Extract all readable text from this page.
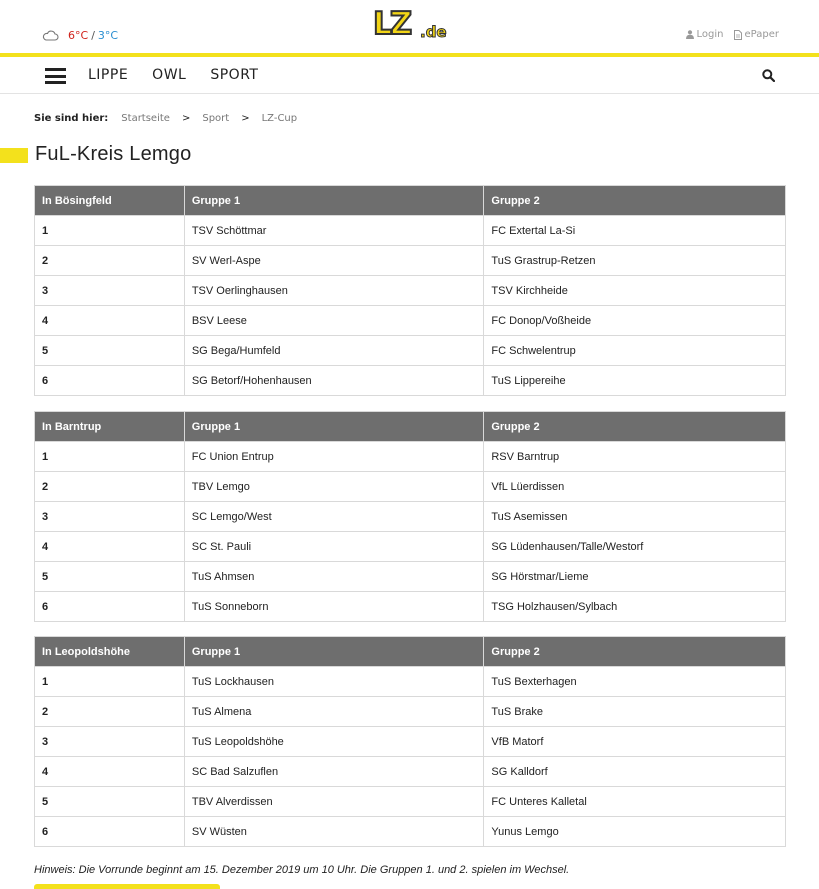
6°C / 3°C	LZ .de	Login ePaper
LIPPE OWL SPORT
Sie sind hier: Startseite > Sport > LZ-Cup
FuL-Kreis Lemgo
In Bösingfeld	Gruppe 1	Gruppe 2
1	TSV Schöttmar	FC Extertal La-Si
2	SV Werl-Aspe	TuS Grastrup-Retzen
3	TSV Oerlinghausen	TSV Kirchheide
4	BSV Leese	FC Donop/Voßheide
5	SG Bega/Humfeld	FC Schwelentrup
6	SG Betorf/Hohenhausen	TuS Lippereihe
In Barntrup	Gruppe 1	Gruppe 2
1	FC Union Entrup	RSV Barntrup
2	TBV Lemgo	VfL Lüerdissen
3	SC Lemgo/West	TuS Asemissen
4	SC St. Pauli	SG Lüdenhausen/Talle/Westorf
5	TuS Ahmsen	SG Hörstmar/Lieme
6	TuS Sonneborn	TSG Holzhausen/Sylbach
In Leopoldshöhe	Gruppe 1	Gruppe 2
1	TuS Lockhausen	TuS Bexterhagen
2	TuS Almena	TuS Brake
3	TuS Leopoldshöhe	VfB Matorf
4	SC Bad Salzuflen	SG Kalldorf
5	TBV Alverdissen	FC Unteres Kalletal
6	SV Wüsten	Yunus Lemgo

Hinweis: Die Vorrunde beginnt am 15. Dezember 2019 um 10 Uhr. Die Gruppen 1. und 2. spielen im Wechsel.
